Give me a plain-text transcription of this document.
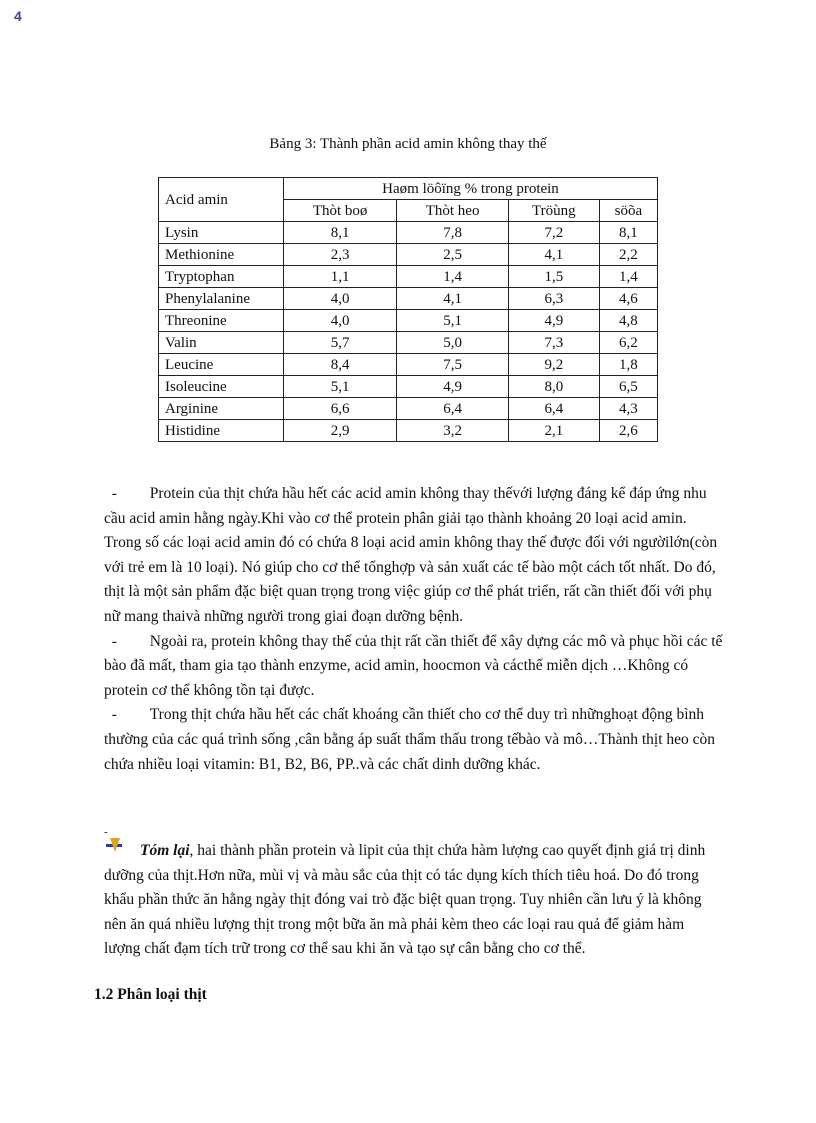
4
Bảng 3: Thành phần acid amin không thay thế
Acid amin	Haøm löôïng % trong protein			
	Thòt boø	Thòt heo	Tröùng	söõa
Lysin	8,1	7,8	7,2	8,1
Methionine	2,3	2,5	4,1	2,2
Tryptophan	1,1	1,4	1,5	1,4
Phenylalanine	4,0	4,1	6,3	4,6
Threonine	4,0	5,1	4,9	4,8
Valin	5,7	5,0	7,3	6,2
Leucine	8,4	7,5	9,2	1,8
Isoleucine	5,1	4,9	8,0	6,5
Arginine	6,6	6,4	6,4	4,3
Histidine	2,9	3,2	2,1	2,6

- Protein của thịt chứa hầu hết các acid amin không thay thếvới lượng đáng kể đáp ứng nhu cầu acid amin hằng ngày.Khi vào cơ thể protein phân giải tạo thành khoảng 20 loại acid amin. Trong số các loại acid amin đó có chứa 8 loại acid amin không thay thế được đối với ngườilớn(còn với trẻ em là 10 loại). Nó giúp cho cơ thể tổnghợp và sản xuất các tế bào một cách tốt nhất. Do đó, thịt là một sản phẩm đặc biệt quan trọng trong việc giúp cơ thể phát triển, rất cần thiết đối với phụ nữ mang thaivà những người trong giai đoạn dưỡng bệnh.

- Ngoài ra, protein không thay thế của thịt rất cần thiết để xây dựng các mô và phục hồi các tế bào đã mất, tham gia tạo thành enzyme, acid amin, hoocmon và cácthể miễn dịch …Không có protein cơ thể không tồn tại được.

- Trong thịt chứa hầu hết các chất khoáng cần thiết cho cơ thể duy trì nhữnghoạt động bình thường của các quá trình sống ,cân bằng áp suất thẩm thấu trong tếbào và mô…Thành thịt heo còn chứa nhiều loại vitamin: B1, B2, B6, PP..và các chất dinh dưỡng khác.

-
Tóm lại, hai thành phần protein và lipit của thịt chứa hàm lượng cao quyết định giá trị dinh dưỡng của thịt.Hơn nữa, mùi vị và màu sắc của thịt có tác dụng kích thích tiêu hoá. Do đó trong khẩu phần thức ăn hằng ngày thịt đóng vai trò đặc biệt quan trọng. Tuy nhiên cần lưu ý là không nên ăn quá nhiều lượng thịt trong một bữa ăn mà phải kèm theo các loại rau quả để giảm hàm lượng chất đạm tích trữ trong cơ thể sau khi ăn và tạo sự cân bằng cho cơ thể.
1.2 Phân loại thịt
